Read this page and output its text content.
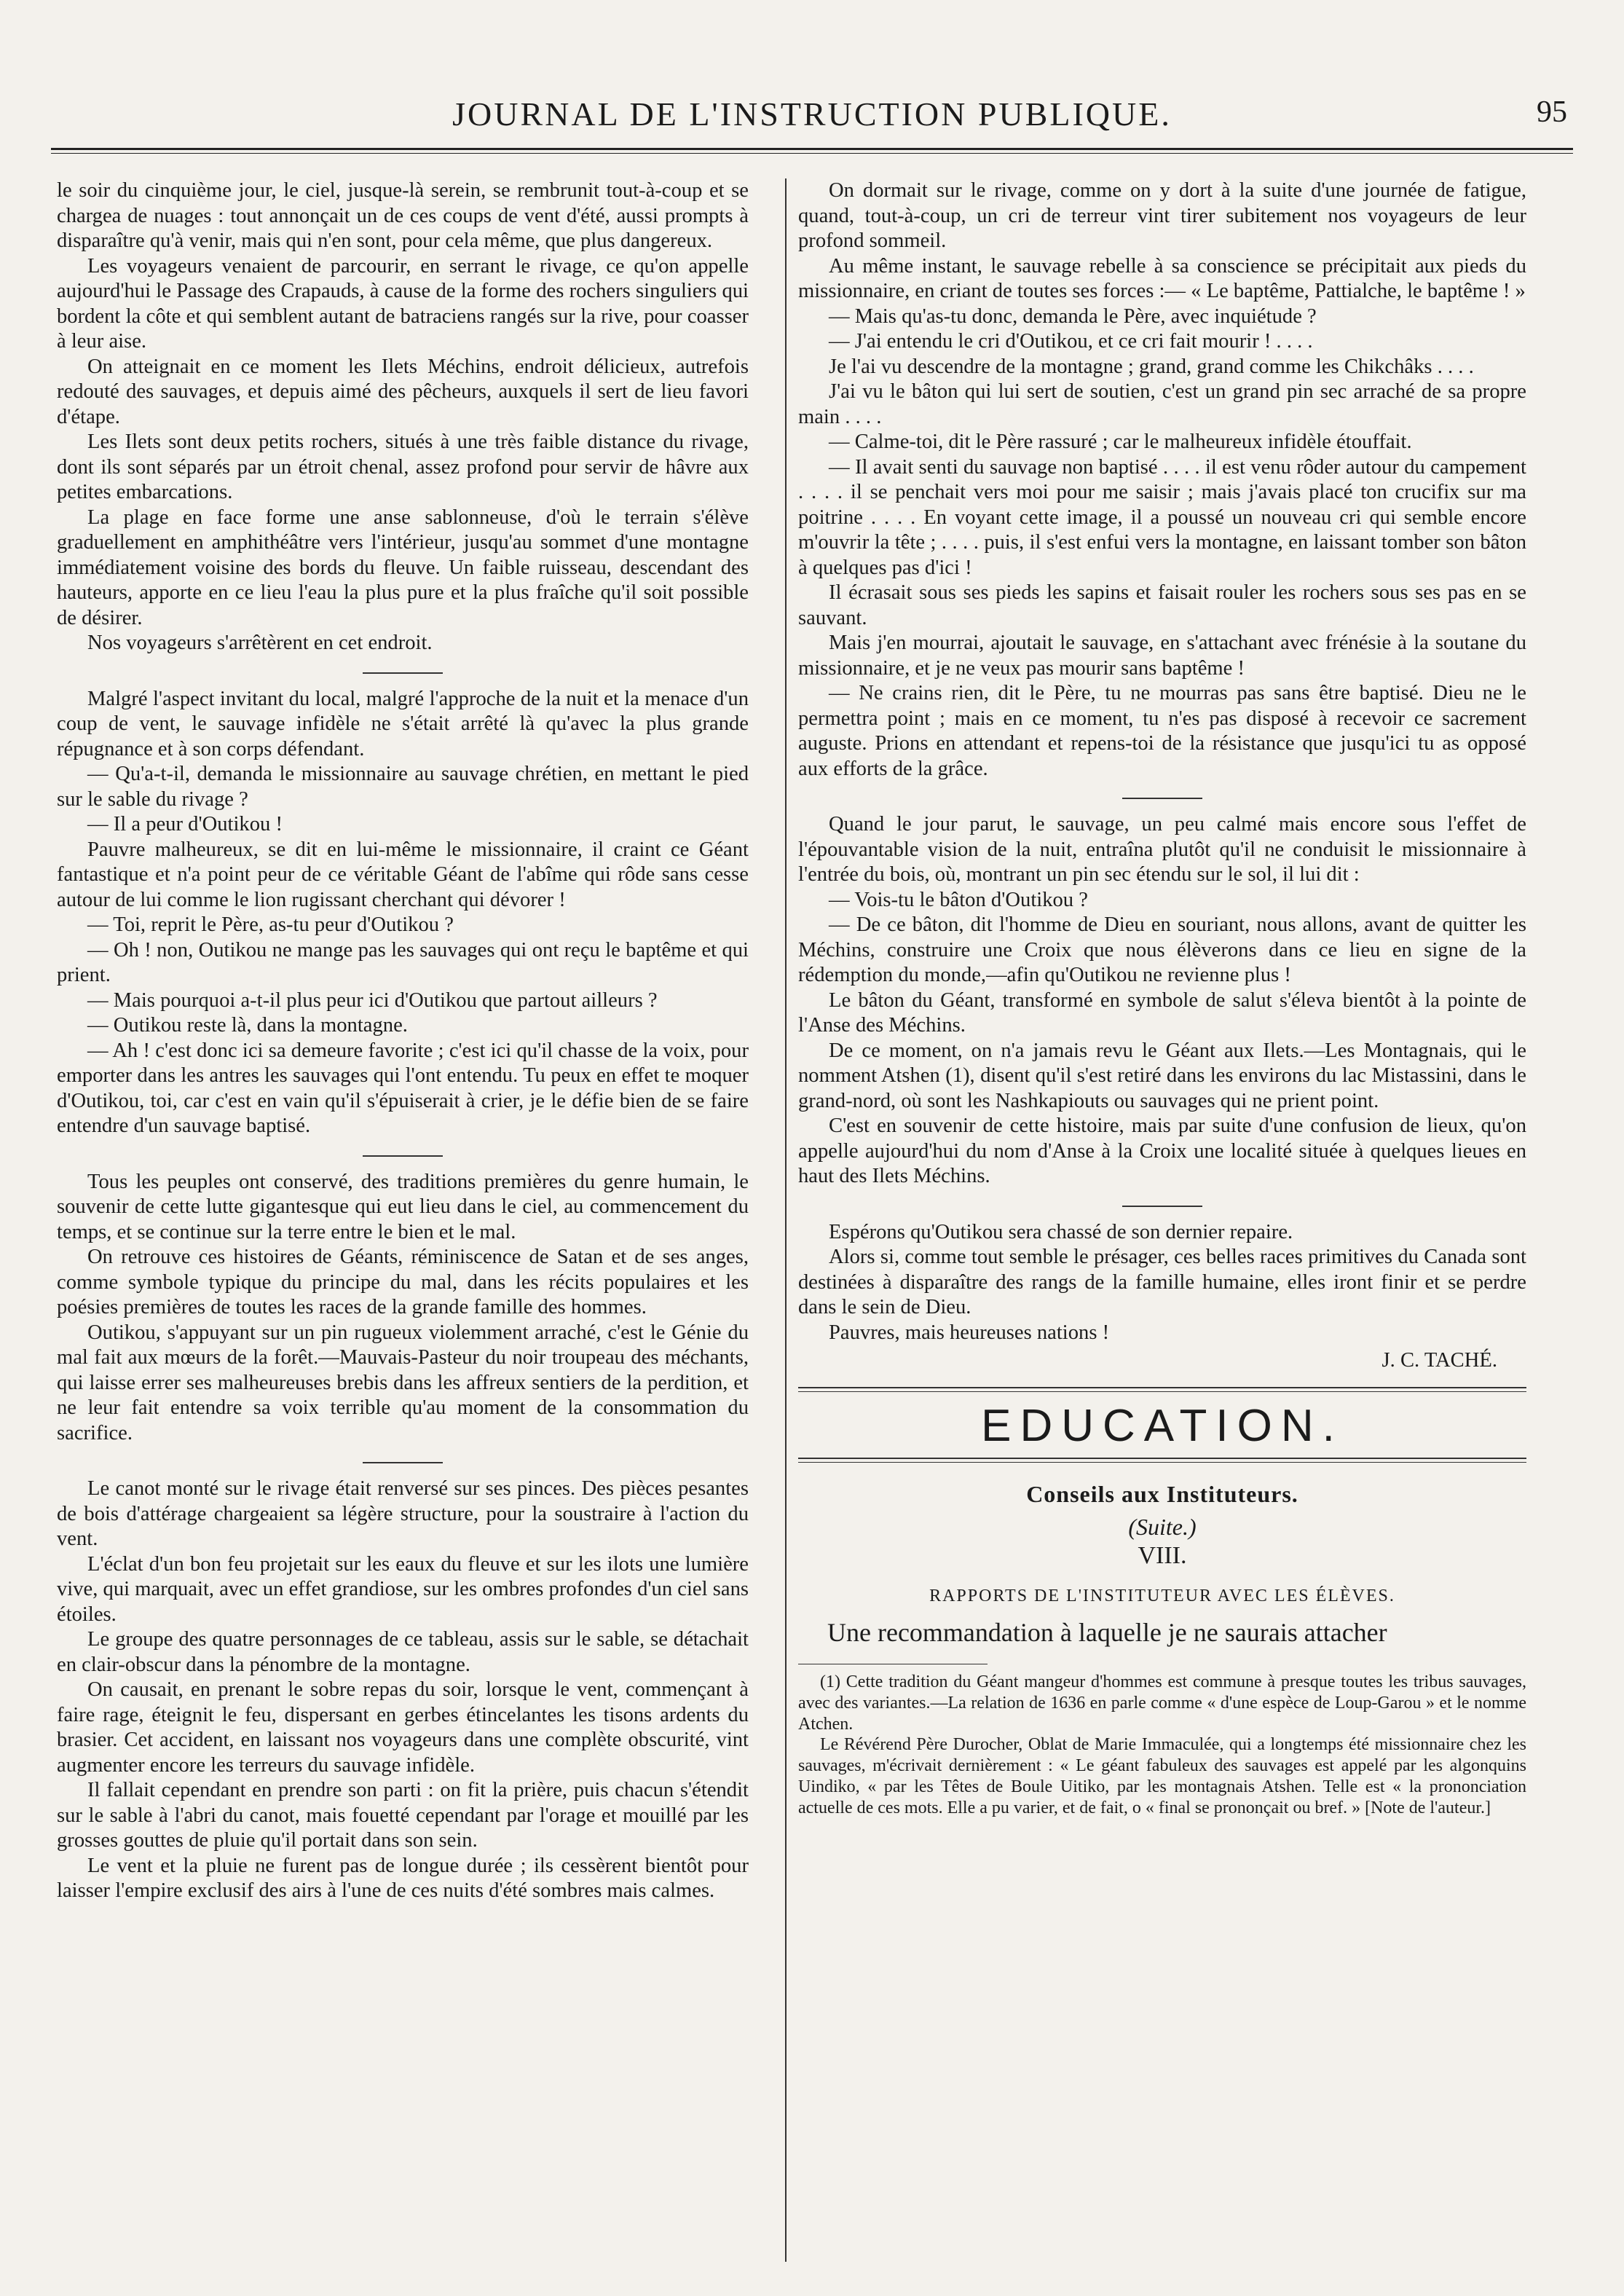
JOURNAL DE L'INSTRUCTION PUBLIQUE.	95

le soir du cinquième jour, le ciel, jusque-là serein, se rembrunit tout-à-coup et se chargea de nuages : tout annonçait un de ces coups de vent d'été, aussi prompts à disparaître qu'à venir, mais qui n'en sont, pour cela même, que plus dangereux.

Les voyageurs venaient de parcourir, en serrant le rivage, ce qu'on appelle aujourd'hui le Passage des Crapauds, à cause de la forme des rochers singuliers qui bordent la côte et qui semblent autant de batraciens rangés sur la rive, pour coasser à leur aise.

On atteignait en ce moment les Ilets Méchins, endroit délicieux, autrefois redouté des sauvages, et depuis aimé des pêcheurs, auxquels il sert de lieu favori d'étape.

Les Ilets sont deux petits rochers, situés à une très faible distance du rivage, dont ils sont séparés par un étroit chenal, assez profond pour servir de hâvre aux petites embarcations.

La plage en face forme une anse sablonneuse, d'où le terrain s'élève graduellement en amphithéâtre vers l'intérieur, jusqu'au sommet d'une montagne immédiatement voisine des bords du fleuve. Un faible ruisseau, descendant des hauteurs, apporte en ce lieu l'eau la plus pure et la plus fraîche qu'il soit possible de désirer.

Nos voyageurs s'arrêtèrent en cet endroit.

Malgré l'aspect invitant du local, malgré l'approche de la nuit et la menace d'un coup de vent, le sauvage infidèle ne s'était arrêté là qu'avec la plus grande répugnance et à son corps défendant.

— Qu'a-t-il, demanda le missionnaire au sauvage chrétien, en mettant le pied sur le sable du rivage ?

— Il a peur d'Outikou !

Pauvre malheureux, se dit en lui-même le missionnaire, il craint ce Géant fantastique et n'a point peur de ce véritable Géant de l'abîme qui rôde sans cesse autour de lui comme le lion rugissant cherchant qui dévorer !

— Toi, reprit le Père, as-tu peur d'Outikou ?

— Oh ! non, Outikou ne mange pas les sauvages qui ont reçu le baptême et qui prient.

— Mais pourquoi a-t-il plus peur ici d'Outikou que partout ailleurs ?

— Outikou reste là, dans la montagne.

— Ah ! c'est donc ici sa demeure favorite ; c'est ici qu'il chasse de la voix, pour emporter dans les antres les sauvages qui l'ont entendu. Tu peux en effet te moquer d'Outikou, toi, car c'est en vain qu'il s'épuiserait à crier, je le défie bien de se faire entendre d'un sauvage baptisé.

Tous les peuples ont conservé, des traditions premières du genre humain, le souvenir de cette lutte gigantesque qui eut lieu dans le ciel, au commencement du temps, et se continue sur la terre entre le bien et le mal.

On retrouve ces histoires de Géants, réminiscence de Satan et de ses anges, comme symbole typique du principe du mal, dans les récits populaires et les poésies premières de toutes les races de la grande famille des hommes.

Outikou, s'appuyant sur un pin rugueux violemment arraché, c'est le Génie du mal fait aux mœurs de la forêt.—Mauvais-Pasteur du noir troupeau des méchants, qui laisse errer ses malheureuses brebis dans les affreux sentiers de la perdition, et ne leur fait entendre sa voix terrible qu'au moment de la consommation du sacrifice.

Le canot monté sur le rivage était renversé sur ses pinces. Des pièces pesantes de bois d'attérage chargeaient sa légère structure, pour la soustraire à l'action du vent.

L'éclat d'un bon feu projetait sur les eaux du fleuve et sur les ilots une lumière vive, qui marquait, avec un effet grandiose, sur les ombres profondes d'un ciel sans étoiles.

Le groupe des quatre personnages de ce tableau, assis sur le sable, se détachait en clair-obscur dans la pénombre de la montagne.

On causait, en prenant le sobre repas du soir, lorsque le vent, commençant à faire rage, éteignit le feu, dispersant en gerbes étincelantes les tisons ardents du brasier. Cet accident, en laissant nos voyageurs dans une complète obscurité, vint augmenter encore les terreurs du sauvage infidèle.

Il fallait cependant en prendre son parti : on fit la prière, puis chacun s'étendit sur le sable à l'abri du canot, mais fouetté cependant par l'orage et mouillé par les grosses gouttes de pluie qu'il portait dans son sein.

Le vent et la pluie ne furent pas de longue durée ; ils cessèrent bientôt pour laisser l'empire exclusif des airs à l'une de ces nuits d'été sombres mais calmes.

On dormait sur le rivage, comme on y dort à la suite d'une journée de fatigue, quand, tout-à-coup, un cri de terreur vint tirer subitement nos voyageurs de leur profond sommeil.

Au même instant, le sauvage rebelle à sa conscience se précipitait aux pieds du missionnaire, en criant de toutes ses forces :— « Le baptême, Pattialche, le baptême ! »

— Mais qu'as-tu donc, demanda le Père, avec inquiétude ?

— J'ai entendu le cri d'Outikou, et ce cri fait mourir ! . . . .

Je l'ai vu descendre de la montagne ; grand, grand comme les Chikchâks . . . .

J'ai vu le bâton qui lui sert de soutien, c'est un grand pin sec arraché de sa propre main . . . .

— Calme-toi, dit le Père rassuré ; car le malheureux infidèle étouffait.

— Il avait senti du sauvage non baptisé . . . . il est venu rôder autour du campement . . . . il se penchait vers moi pour me saisir ; mais j'avais placé ton crucifix sur ma poitrine . . . . En voyant cette image, il a poussé un nouveau cri qui semble encore m'ouvrir la tête ; . . . . puis, il s'est enfui vers la montagne, en laissant tomber son bâton à quelques pas d'ici !

Il écrasait sous ses pieds les sapins et faisait rouler les rochers sous ses pas en se sauvant.

Mais j'en mourrai, ajoutait le sauvage, en s'attachant avec frénésie à la soutane du missionnaire, et je ne veux pas mourir sans baptême !

— Ne crains rien, dit le Père, tu ne mourras pas sans être baptisé. Dieu ne le permettra point ; mais en ce moment, tu n'es pas disposé à recevoir ce sacrement auguste. Prions en attendant et repens-toi de la résistance que jusqu'ici tu as opposé aux efforts de la grâce.

Quand le jour parut, le sauvage, un peu calmé mais encore sous l'effet de l'épouvantable vision de la nuit, entraîna plutôt qu'il ne conduisit le missionnaire à l'entrée du bois, où, montrant un pin sec étendu sur le sol, il lui dit :

— Vois-tu le bâton d'Outikou ?

— De ce bâton, dit l'homme de Dieu en souriant, nous allons, avant de quitter les Méchins, construire une Croix que nous élèverons dans ce lieu en signe de la rédemption du monde,—afin qu'Outikou ne revienne plus !

Le bâton du Géant, transformé en symbole de salut s'éleva bientôt à la pointe de l'Anse des Méchins.

De ce moment, on n'a jamais revu le Géant aux Ilets.—Les Montagnais, qui le nomment Atshen (1), disent qu'il s'est retiré dans les environs du lac Mistassini, dans le grand-nord, où sont les Nashkapiouts ou sauvages qui ne prient point.

C'est en souvenir de cette histoire, mais par suite d'une confusion de lieux, qu'on appelle aujourd'hui du nom d'Anse à la Croix une localité située à quelques lieues en haut des Ilets Méchins.

Espérons qu'Outikou sera chassé de son dernier repaire.

Alors si, comme tout semble le présager, ces belles races primitives du Canada sont destinées à disparaître des rangs de la famille humaine, elles iront finir et se perdre dans le sein de Dieu.

Pauvres, mais heureuses nations !

J. C. TACHÉ.
EDUCATION.
Conseils aux Instituteurs.
(Suite.)
VIII.
RAPPORTS DE L'INSTITUTEUR AVEC LES ÉLÈVES.

Une recommandation à laquelle je ne saurais attacher

(1) Cette tradition du Géant mangeur d'hommes est commune à presque toutes les tribus sauvages, avec des variantes.—La relation de 1636 en parle comme « d'une espèce de Loup-Garou » et le nomme Atchen.

Le Révérend Père Durocher, Oblat de Marie Immaculée, qui a longtemps été missionnaire chez les sauvages, m'écrivait dernièrement : « Le géant fabuleux des sauvages est appelé par les algonquins Uindiko, « par les Têtes de Boule Uitiko, par les montagnais Atshen. Telle est « la prononciation actuelle de ces mots. Elle a pu varier, et de fait, o « final se prononçait ou bref. » [Note de l'auteur.]
